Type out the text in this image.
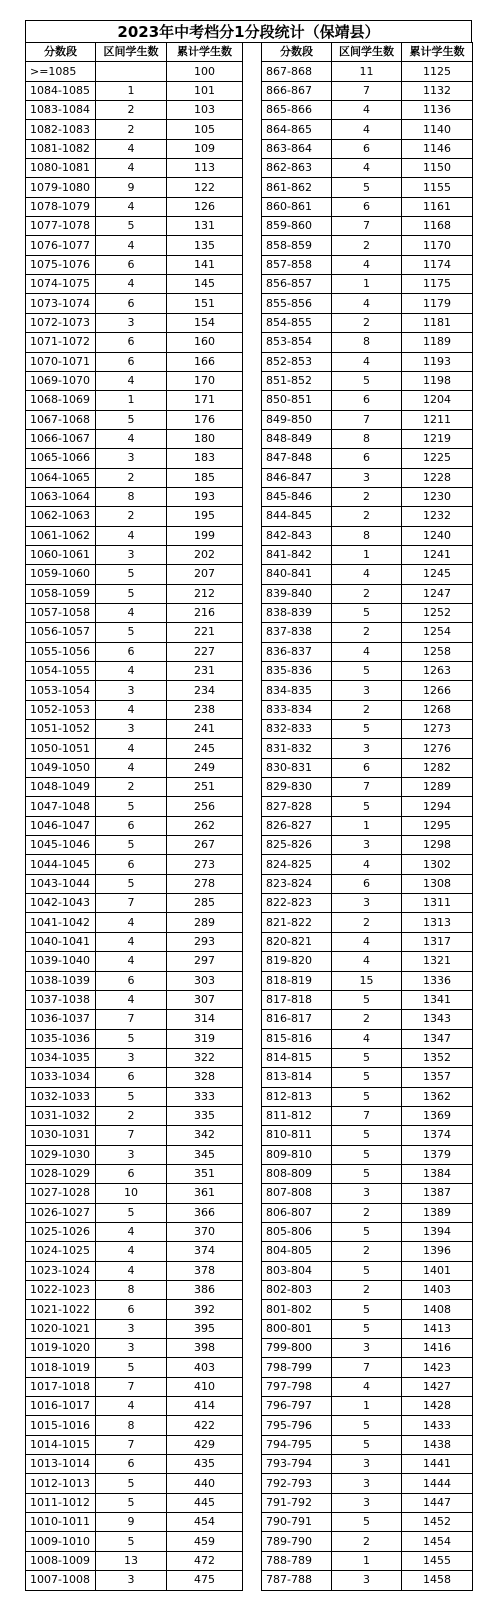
2023年中考档分1分段统计（保靖县）
分数段	区间学生数	累计学生数		分数段	区间学生数	累计学生数
>=1085		100		867-868	11	1125
1084-1085	1	101		866-867	7	1132
1083-1084	2	103		865-866	4	1136
1082-1083	2	105		864-865	4	1140
1081-1082	4	109		863-864	6	1146
1080-1081	4	113		862-863	4	1150
1079-1080	9	122		861-862	5	1155
1078-1079	4	126		860-861	6	1161
1077-1078	5	131		859-860	7	1168
1076-1077	4	135		858-859	2	1170
1075-1076	6	141		857-858	4	1174
1074-1075	4	145		856-857	1	1175
1073-1074	6	151		855-856	4	1179
1072-1073	3	154		854-855	2	1181
1071-1072	6	160		853-854	8	1189
1070-1071	6	166		852-853	4	1193
1069-1070	4	170		851-852	5	1198
1068-1069	1	171		850-851	6	1204
1067-1068	5	176		849-850	7	1211
1066-1067	4	180		848-849	8	1219
1065-1066	3	183		847-848	6	1225
1064-1065	2	185		846-847	3	1228
1063-1064	8	193		845-846	2	1230
1062-1063	2	195		844-845	2	1232
1061-1062	4	199		842-843	8	1240
1060-1061	3	202		841-842	1	1241
1059-1060	5	207		840-841	4	1245
1058-1059	5	212		839-840	2	1247
1057-1058	4	216		838-839	5	1252
1056-1057	5	221		837-838	2	1254
1055-1056	6	227		836-837	4	1258
1054-1055	4	231		835-836	5	1263
1053-1054	3	234		834-835	3	1266
1052-1053	4	238		833-834	2	1268
1051-1052	3	241		832-833	5	1273
1050-1051	4	245		831-832	3	1276
1049-1050	4	249		830-831	6	1282
1048-1049	2	251		829-830	7	1289
1047-1048	5	256		827-828	5	1294
1046-1047	6	262		826-827	1	1295
1045-1046	5	267		825-826	3	1298
1044-1045	6	273		824-825	4	1302
1043-1044	5	278		823-824	6	1308
1042-1043	7	285		822-823	3	1311
1041-1042	4	289		821-822	2	1313
1040-1041	4	293		820-821	4	1317
1039-1040	4	297		819-820	4	1321
1038-1039	6	303		818-819	15	1336
1037-1038	4	307		817-818	5	1341
1036-1037	7	314		816-817	2	1343
1035-1036	5	319		815-816	4	1347
1034-1035	3	322		814-815	5	1352
1033-1034	6	328		813-814	5	1357
1032-1033	5	333		812-813	5	1362
1031-1032	2	335		811-812	7	1369
1030-1031	7	342		810-811	5	1374
1029-1030	3	345		809-810	5	1379
1028-1029	6	351		808-809	5	1384
1027-1028	10	361		807-808	3	1387
1026-1027	5	366		806-807	2	1389
1025-1026	4	370		805-806	5	1394
1024-1025	4	374		804-805	2	1396
1023-1024	4	378		803-804	5	1401
1022-1023	8	386		802-803	2	1403
1021-1022	6	392		801-802	5	1408
1020-1021	3	395		800-801	5	1413
1019-1020	3	398		799-800	3	1416
1018-1019	5	403		798-799	7	1423
1017-1018	7	410		797-798	4	1427
1016-1017	4	414		796-797	1	1428
1015-1016	8	422		795-796	5	1433
1014-1015	7	429		794-795	5	1438
1013-1014	6	435		793-794	3	1441
1012-1013	5	440		792-793	3	1444
1011-1012	5	445		791-792	3	1447
1010-1011	9	454		790-791	5	1452
1009-1010	5	459		789-790	2	1454
1008-1009	13	472		788-789	1	1455
1007-1008	3	475		787-788	3	1458
